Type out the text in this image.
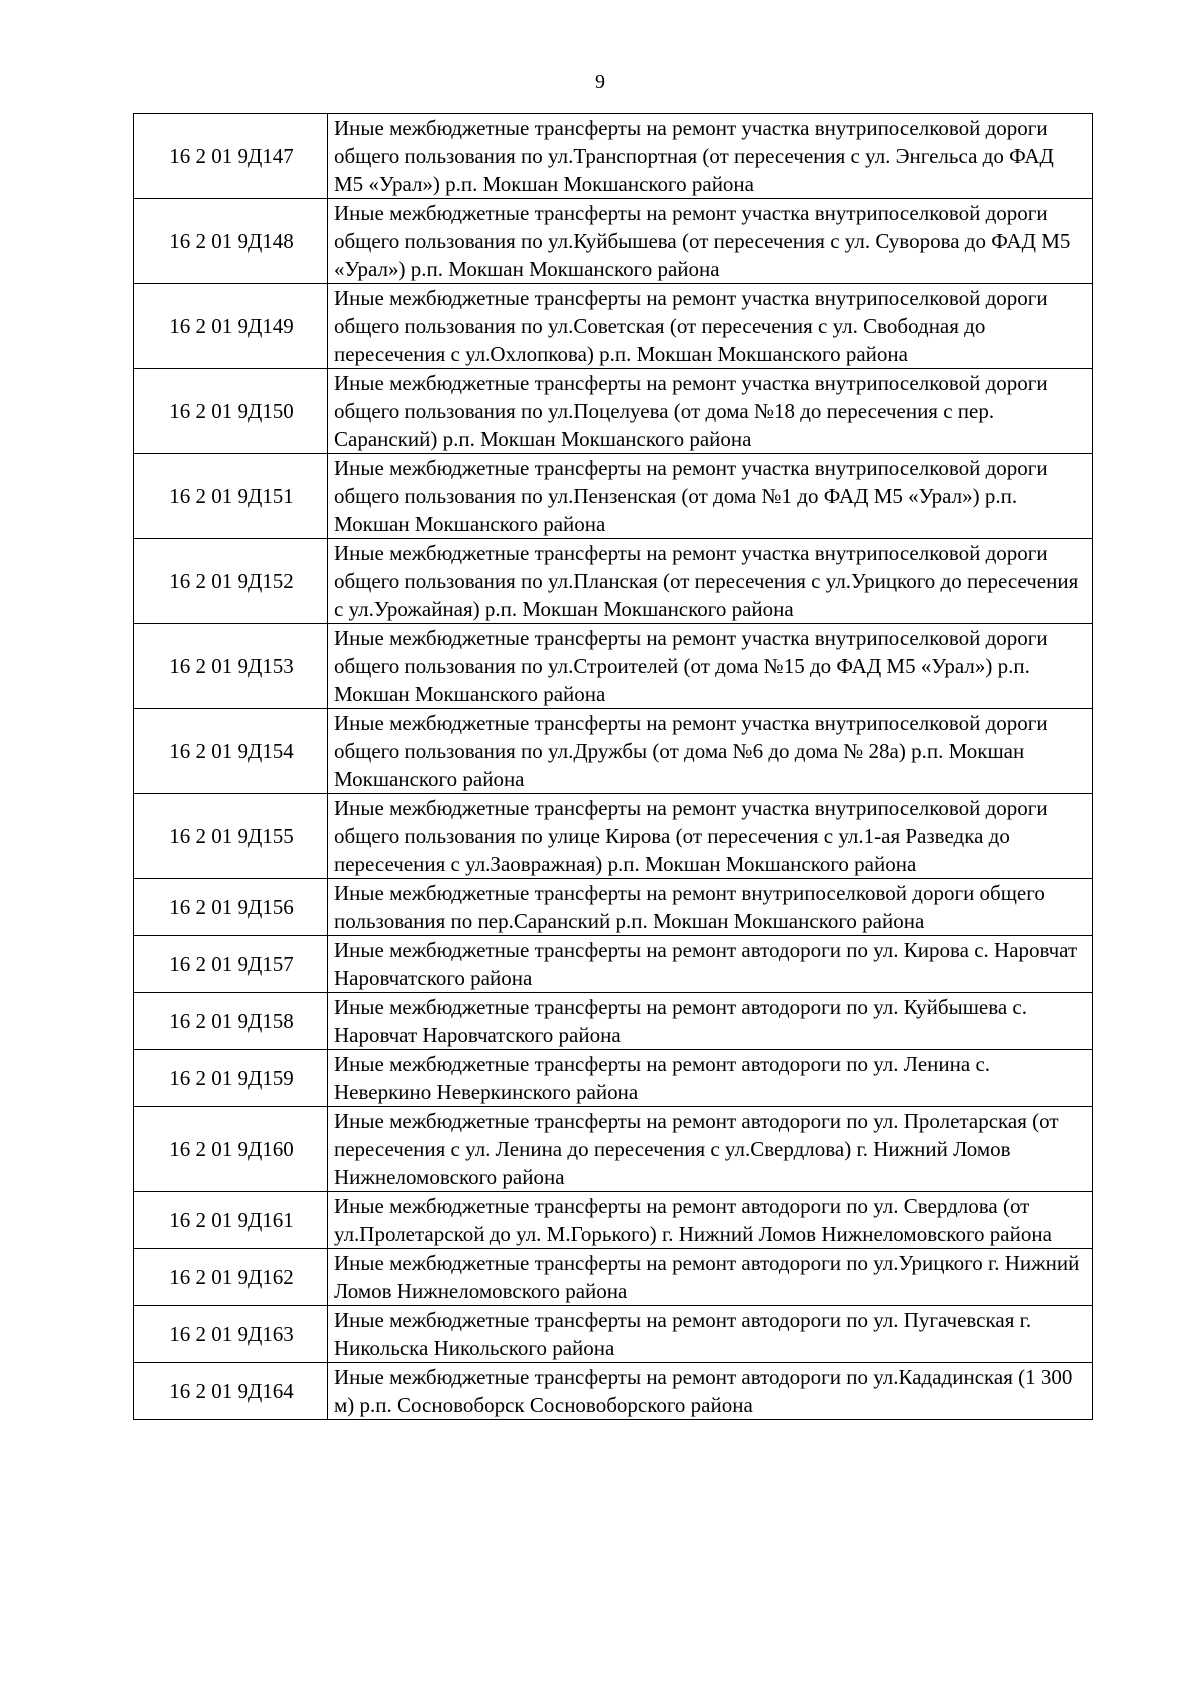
9
16 2 01 9Д147	Иные межбюджетные трансферты на ремонт участка внутрипоселковой дороги общего пользования по ул.Транспортная (от пересечения с ул. Энгельса до ФАД М5 «Урал») р.п. Мокшан Мокшанского района
16 2 01 9Д148	Иные межбюджетные трансферты на ремонт участка внутрипоселковой дороги общего пользования по ул.Куйбышева (от пересечения с ул. Суворова до ФАД М5 «Урал») р.п. Мокшан Мокшанского района
16 2 01 9Д149	Иные межбюджетные трансферты на ремонт участка внутрипоселковой дороги общего пользования по ул.Советская (от пересечения с ул. Свободная до пересечения с ул.Охлопкова) р.п. Мокшан Мокшанского района
16 2 01 9Д150	Иные межбюджетные трансферты на ремонт участка внутрипоселковой дороги общего пользования по ул.Поцелуева (от дома №18 до пересечения с пер. Саранский) р.п. Мокшан Мокшанского района
16 2 01 9Д151	Иные межбюджетные трансферты на ремонт участка внутрипоселковой дороги общего пользования по ул.Пензенская (от дома №1 до ФАД М5 «Урал») р.п. Мокшан Мокшанского района
16 2 01 9Д152	Иные межбюджетные трансферты на ремонт участка внутрипоселковой дороги общего пользования по ул.Планская (от пересечения с ул.Урицкого до пересечения с ул.Урожайная) р.п. Мокшан Мокшанского района
16 2 01 9Д153	Иные межбюджетные трансферты на ремонт участка внутрипоселковой дороги общего пользования по ул.Строителей (от дома №15 до ФАД М5 «Урал») р.п. Мокшан Мокшанского района
16 2 01 9Д154	Иные межбюджетные трансферты на ремонт участка внутрипоселковой дороги общего пользования по ул.Дружбы (от дома №6 до дома № 28а) р.п. Мокшан Мокшанского района
16 2 01 9Д155	Иные межбюджетные трансферты на ремонт участка внутрипоселковой дороги общего пользования по улице Кирова (от пересечения с ул.1-ая Разведка до пересечения с ул.Заовражная) р.п. Мокшан Мокшанского района
16 2 01 9Д156	Иные межбюджетные трансферты на ремонт внутрипоселковой дороги общего пользования по пер.Саранский р.п. Мокшан Мокшанского района
16 2 01 9Д157	Иные межбюджетные трансферты на ремонт автодороги по ул. Кирова с. Наровчат Наровчатского района
16 2 01 9Д158	Иные межбюджетные трансферты на ремонт автодороги по ул. Куйбышева с. Наровчат Наровчатского района
16 2 01 9Д159	Иные межбюджетные трансферты на ремонт автодороги по ул. Ленина с. Неверкино Неверкинского района
16 2 01 9Д160	Иные межбюджетные трансферты на ремонт автодороги по ул. Пролетарская (от пересечения с ул. Ленина до пересечения с ул.Свердлова) г. Нижний Ломов Нижнеломовского района
16 2 01 9Д161	Иные межбюджетные трансферты на ремонт автодороги по ул. Свердлова (от ул.Пролетарской до ул. М.Горького) г. Нижний Ломов Нижнеломовского района
16 2 01 9Д162	Иные межбюджетные трансферты на ремонт автодороги по ул.Урицкого г. Нижний Ломов Нижнеломовского района
16 2 01 9Д163	Иные межбюджетные трансферты на ремонт автодороги по ул. Пугачевская г. Никольска Никольского района
16 2 01 9Д164	Иные межбюджетные трансферты на ремонт автодороги по ул.Кададинская (1 300 м) р.п. Сосновоборск Сосновоборского района
